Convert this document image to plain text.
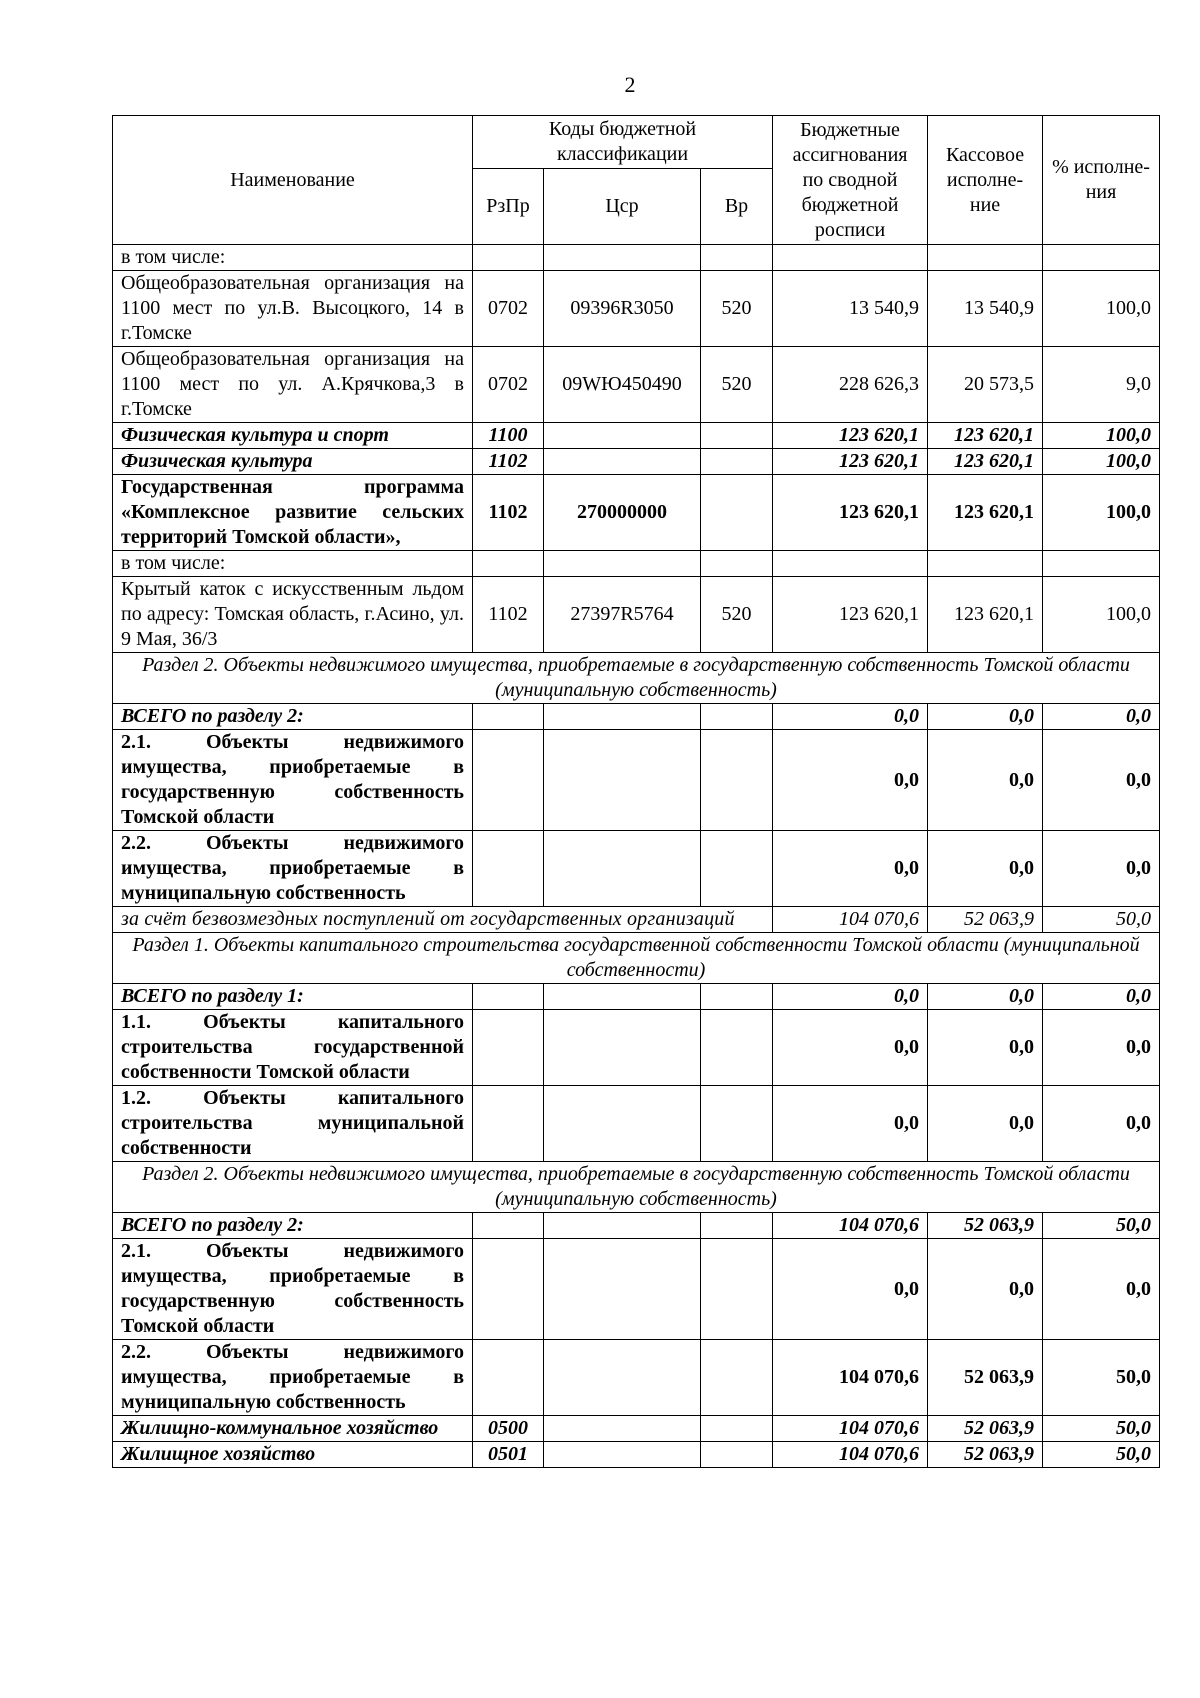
2
Наименование	Коды бюджетной классификации			Бюджетные ассигнования по сводной бюджетной росписи	Кассовое исполне-ние	% исполне-ния
	РзПр	Цср	Вр			
в том числе:						
Общеобразовательная организация на 1100 мест по ул.В. Высоцкого, 14 в г.Томске	0702	09396R3050	520	13 540,9	13 540,9	100,0
Общеобразовательная организация на 1100 мест по ул. А.Крячкова,3 в г.Томске	0702	09WЮ450490	520	228 626,3	20 573,5	9,0
Физическая культура и спорт	1100			123 620,1	123 620,1	100,0
Физическая культура	1102			123 620,1	123 620,1	100,0
Государственная программа «Комплексное развитие сельских территорий Томской области»,	1102	270000000		123 620,1	123 620,1	100,0
в том числе:						
Крытый каток с искусственным льдом по адресу: Томская область, г.Асино, ул. 9 Мая, 36/3	1102	27397R5764	520	123 620,1	123 620,1	100,0
Раздел 2. Объекты недвижимого имущества, приобретаемые в государственную собственность Томской области (муниципальную собственность)						
ВСЕГО по разделу 2:				0,0	0,0	0,0
2.1. Объекты недвижимого имущества, приобретаемые в государственную собственность Томской области				0,0	0,0	0,0
2.2. Объекты недвижимого имущества, приобретаемые в муниципальную собственность				0,0	0,0	0,0
за счёт безвозмездных поступлений от государственных организаций				104 070,6	52 063,9	50,0
Раздел 1. Объекты капитального строительства государственной собственности Томской области (муниципальной собственности)						
ВСЕГО по разделу 1:				0,0	0,0	0,0
1.1. Объекты капитального строительства государственной собственности Томской области				0,0	0,0	0,0
1.2. Объекты капитального строительства муниципальной собственности				0,0	0,0	0,0
Раздел 2. Объекты недвижимого имущества, приобретаемые в государственную собственность Томской области (муниципальную собственность)						
ВСЕГО по разделу 2:				104 070,6	52 063,9	50,0
2.1. Объекты недвижимого имущества, приобретаемые в государственную собственность Томской области				0,0	0,0	0,0
2.2. Объекты недвижимого имущества, приобретаемые в муниципальную собственность				104 070,6	52 063,9	50,0
Жилищно-коммунальное хозяйство	0500			104 070,6	52 063,9	50,0
Жилищное хозяйство	0501			104 070,6	52 063,9	50,0
